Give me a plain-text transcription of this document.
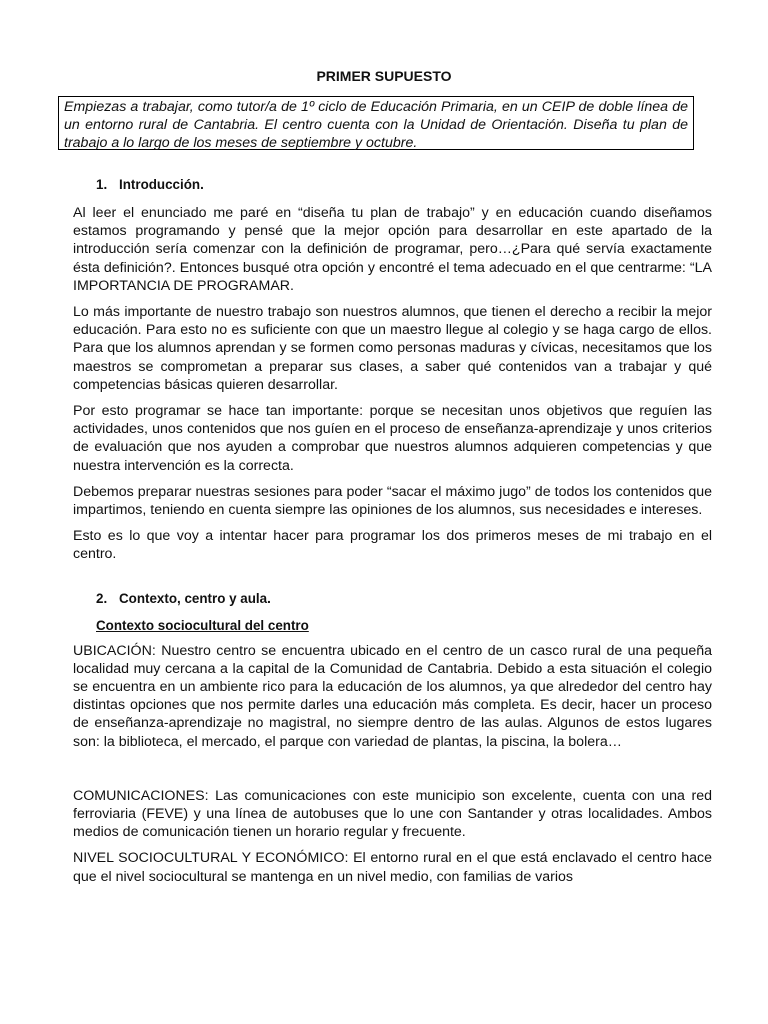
PRIMER SUPUESTO
Empiezas a trabajar, como tutor/a de 1º ciclo de Educación Primaria, en un CEIP de doble línea de un entorno rural de Cantabria. El centro cuenta con la Unidad de Orientación. Diseña tu plan de trabajo a lo largo de los meses de septiembre y octubre.
1. Introducción.

Al leer el enunciado me paré en “diseña tu plan de trabajo” y en educación cuando diseñamos estamos programando y pensé que la mejor opción para desarrollar en este apartado de la introducción sería comenzar con la definición de programar, pero…¿Para qué servía exactamente ésta definición?. Entonces busqué otra opción y encontré el tema adecuado en el que centrarme: “LA IMPORTANCIA DE PROGRAMAR.

Lo más importante de nuestro trabajo son nuestros alumnos, que tienen el derecho a recibir la mejor educación. Para esto no es suficiente con que un maestro llegue al colegio y se haga cargo de ellos. Para que los alumnos aprendan y se formen como personas maduras y cívicas, necesitamos que los maestros se comprometan a preparar sus clases, a saber qué contenidos van a trabajar y qué competencias básicas quieren desarrollar.

Por esto programar se hace tan importante: porque se necesitan unos objetivos que reguíen las actividades, unos contenidos que nos guíen en el proceso de enseñanza-aprendizaje y unos criterios de evaluación que nos ayuden a comprobar que nuestros alumnos adquieren competencias y que nuestra intervención es la correcta.

Debemos preparar nuestras sesiones para poder “sacar el máximo jugo” de todos los contenidos que impartimos, teniendo en cuenta siempre las opiniones de los alumnos, sus necesidades e intereses.

Esto es lo que voy a intentar hacer para programar los dos primeros meses de mi trabajo en el centro.

2. Contexto, centro y aula.
Contexto sociocultural del centro

UBICACIÓN: Nuestro centro se encuentra ubicado en el centro de un casco rural de una pequeña localidad muy cercana a la capital de la Comunidad de Cantabria. Debido a esta situación el colegio se encuentra en un ambiente rico para la educación de los alumnos, ya que alrededor del centro hay distintas opciones que nos permite darles una educación más completa. Es decir, hacer un proceso de enseñanza-aprendizaje no magistral, no siempre dentro de las aulas. Algunos de estos lugares son: la biblioteca, el mercado, el parque con variedad de plantas, la piscina, la bolera…

COMUNICACIONES: Las comunicaciones con este municipio son excelente, cuenta con una red ferroviaria (FEVE) y una línea de autobuses que lo une con Santander y otras localidades. Ambos medios de comunicación tienen un horario regular y frecuente.

NIVEL SOCIOCULTURAL Y ECONÓMICO: El entorno rural en el que está enclavado el centro hace que el nivel sociocultural se mantenga en un nivel medio, con familias de varios
